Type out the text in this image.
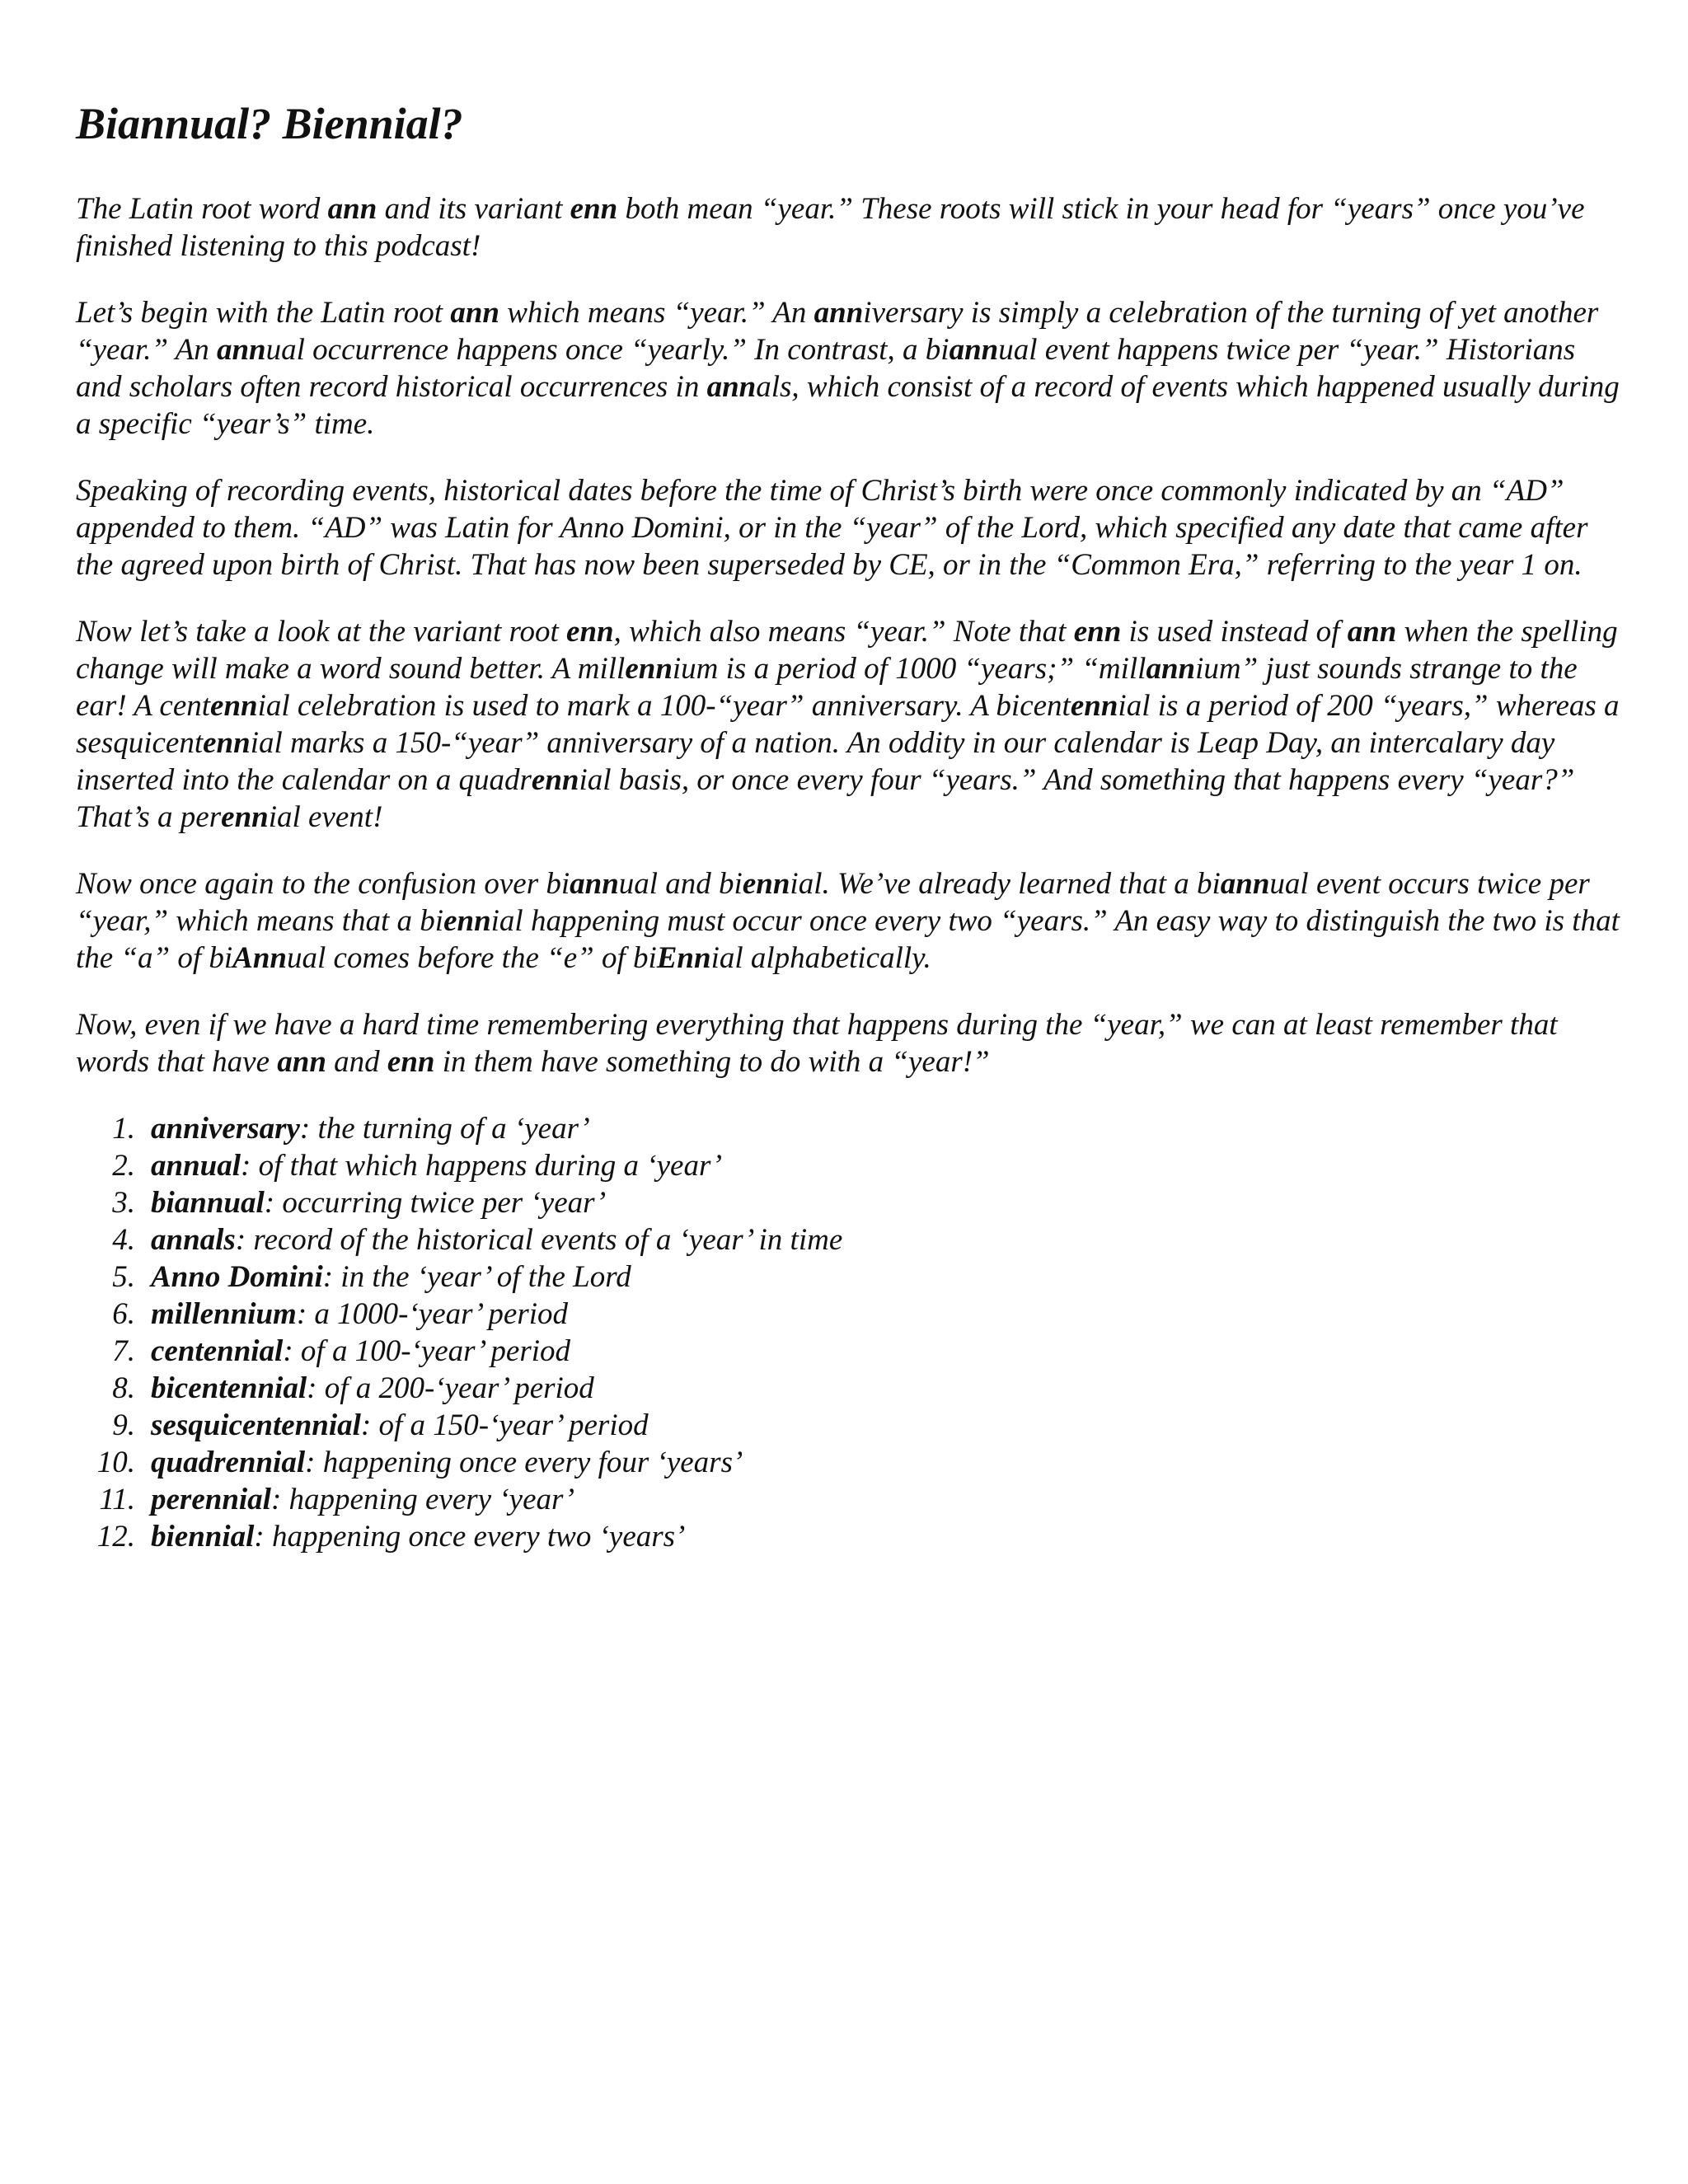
Biannual? Biennial?

The Latin root word ann and its variant enn both mean “year.” These roots will stick in your head for “years” once you’ve finished listening to this podcast!

Let’s begin with the Latin root ann which means “year.” An anniversary is simply a celebration of the turning of yet another “year.” An annual occurrence happens once “yearly.” In contrast, a biannual event happens twice per “year.” Historians and scholars often record historical occurrences in annals, which consist of a record of events which happened usually during a specific “year’s” time.

Speaking of recording events, historical dates before the time of Christ’s birth were once commonly indicated by an “AD” appended to them. “AD” was Latin for Anno Domini, or in the “year” of the Lord, which specified any date that came after the agreed upon birth of Christ. That has now been superseded by CE, or in the “Common Era,” referring to the year 1 on.

Now let’s take a look at the variant root enn, which also means “year.” Note that enn is used instead of ann when the spelling change will make a word sound better. A millennium is a period of 1000 “years;” “millannium” just sounds strange to the ear! A centennial celebration is used to mark a 100-“year” anniversary. A bicentennial is a period of 200 “years,” whereas a sesquicentennial marks a 150-“year” anniversary of a nation. An oddity in our calendar is Leap Day, an intercalary day inserted into the calendar on a quadrennial basis, or once every four “years.” And something that happens every “year?” That’s a perennial event!

Now once again to the confusion over biannual and biennial. We’ve already learned that a biannual event occurs twice per “year,” which means that a biennial happening must occur once every two “years.” An easy way to distinguish the two is that the “a” of biAnnual comes before the “e” of biEnnial alphabetically.

Now, even if we have a hard time remembering everything that happens during the “year,” we can at least remember that words that have ann and enn in them have something to do with a “year!”

1. anniversary: the turning of a ‘year’
2. annual: of that which happens during a ‘year’
3. biannual: occurring twice per ‘year’
4. annals: record of the historical events of a ‘year’ in time
5. Anno Domini: in the ‘year’ of the Lord
6. millennium: a 1000-‘year’ period
7. centennial: of a 100-‘year’ period
8. bicentennial: of a 200-‘year’ period
9. sesquicentennial: of a 150-‘year’ period
10. quadrennial: happening once every four ‘years’
11. perennial: happening every ‘year’
12. biennial: happening once every two ‘years’
